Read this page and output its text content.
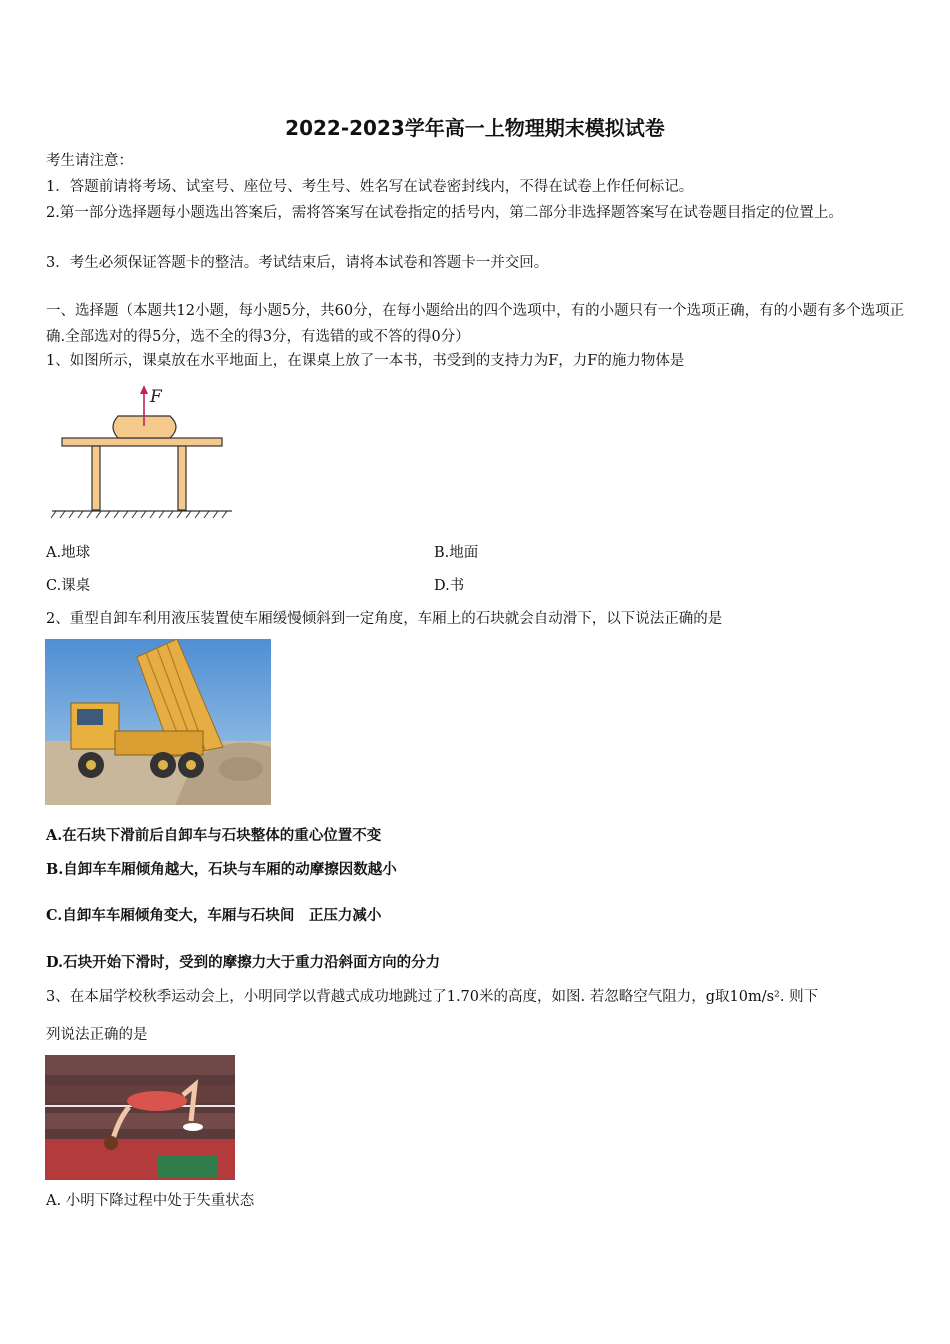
2022-2023学年高一上物理期末模拟试卷
考生请注意：
1．答题前请将考场、试室号、座位号、考生号、姓名写在试卷密封线内，不得在试卷上作任何标记。
2.第一部分选择题每小题选出答案后，需将答案写在试卷指定的括号内，第二部分非选择题答案写在试卷题目指定的位置上。
3．考生必须保证答题卡的整洁。考试结束后，请将本试卷和答题卡一并交回。
一、选择题（本题共12小题，每小题5分，共60分，在每小题给出的四个选项中，有的小题只有一个选项正确，有的小题有多个选项正确.全部选对的得5分，选不全的得3分，有选错的或不答的得0分）
1、如图所示，课桌放在水平地面上，在课桌上放了一本书，书受到的支持力为F，力F的施力物体是
F
A.地球	B.地面
C.课桌	D.书
2、重型自卸车利用液压装置使车厢缓慢倾斜到一定角度，车厢上的石块就会自动滑下，以下说法正确的是
A.在石块下滑前后自卸车与石块整体的重心位置不变
B.自卸车车厢倾角越大，石块与车厢的动摩擦因数越小
C.自卸车车厢倾角变大，车厢与石块间　正压力减小
D.石块开始下滑时，受到的摩擦力大于重力沿斜面方向的分力
3、在本届学校秋季运动会上，小明同学以背越式成功地跳过了1.70米的高度，如图. 若忽略空气阻力，g取10m/s². 则下
列说法正确的是
A. 小明下降过程中处于失重状态
